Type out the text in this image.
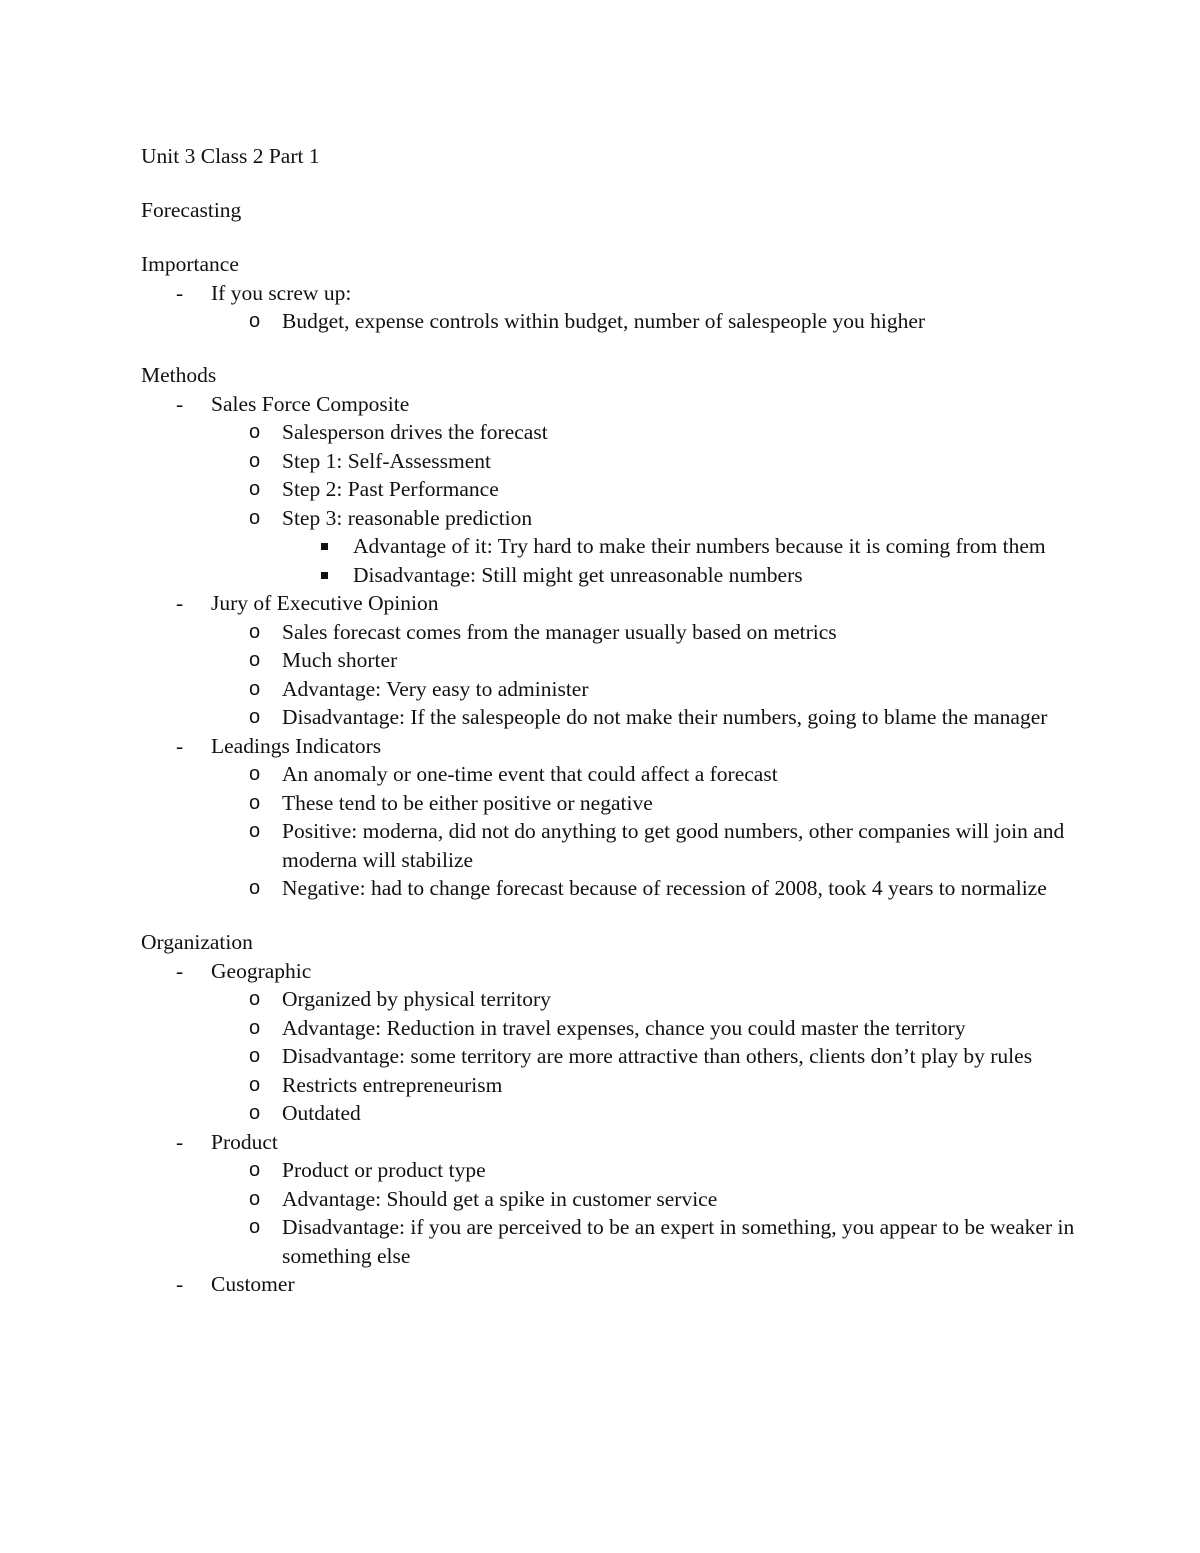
Unit 3 Class 2 Part 1

Forecasting

Importance

- If you screw up:
o Budget, expense controls within budget, number of salespeople you higher

Methods

- Sales Force Composite
o Salesperson drives the forecast
o Step 1: Self-Assessment
o Step 2: Past Performance
o Step 3: reasonable prediction
Advantage of it: Try hard to make their numbers because it is coming from them
Disadvantage: Still might get unreasonable numbers
- Jury of Executive Opinion
o Sales forecast comes from the manager usually based on metrics
o Much shorter
o Advantage: Very easy to administer
o Disadvantage: If the salespeople do not make their numbers, going to blame the manager
- Leadings Indicators
o An anomaly or one-time event that could affect a forecast
o These tend to be either positive or negative
o Positive: moderna, did not do anything to get good numbers, other companies will join and moderna will stabilize
o Negative: had to change forecast because of recession of 2008, took 4 years to normalize

Organization

- Geographic
o Organized by physical territory
o Advantage: Reduction in travel expenses, chance you could master the territory
o Disadvantage: some territory are more attractive than others, clients don’t play by rules
o Restricts entrepreneurism
o Outdated
- Product
o Product or product type
o Advantage: Should get a spike in customer service
o Disadvantage: if you are perceived to be an expert in something, you appear to be weaker in something else
- Customer
